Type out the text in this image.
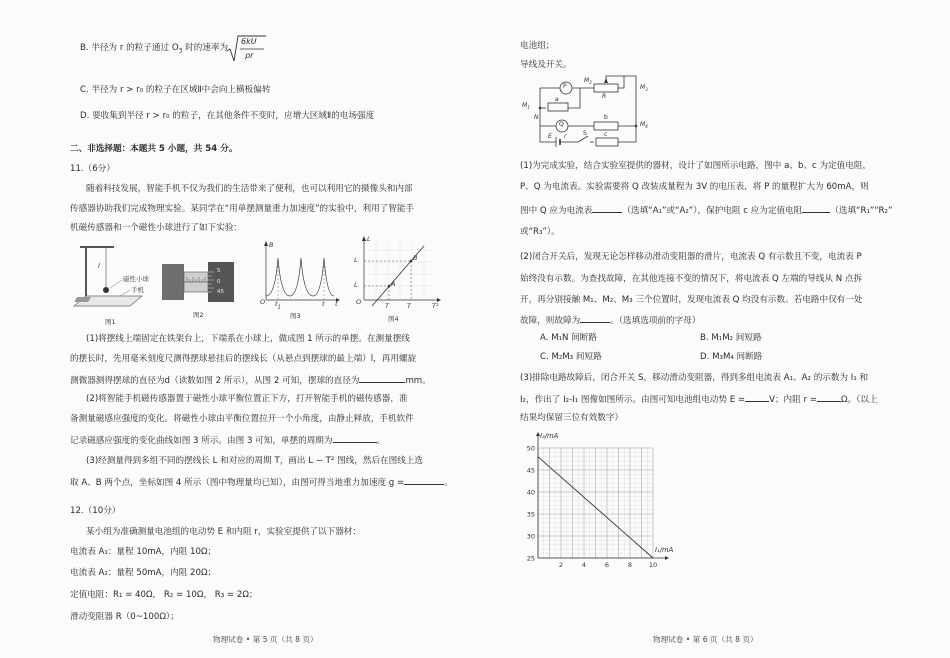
B. 半径为 r 的粒子通过 $O_3$ 时的速率为
6kU
ρr
C. 半径为 r > r₀ 的粒子在区域Ⅱ中会向上横板偏转
D. 要收集到半径 r > r₀ 的粒子，在其他条件不变时，应增大区域Ⅱ的电场强度
二、非选择题：本题共 5 小题，共 54 分。
11.（6分）
随着科技发展，智能手机不仅为我们的生活带来了便利，也可以利用它的摄像头和内部
传感器协助我们完成物理实验。某同学在“用单摆测量重力加速度”的实验中，利用了智能手
机磁传感器和一个磁性小球进行了如下实验：
l
磁性小球
手机
图1
5
0
45
图2
B
O $t_1$	t t
图3
L
O	T²
L
L	A
B
T	T
图4
(1)将摆线上端固定在铁架台上，下端系在小球上，做成图 1 所示的单摆。在测量摆线
的摆长时，先用毫米刻度尺测得摆球悬挂后的摆线长（从悬点到摆球的最上端）l，再用螺旋
测微器测得摆球的直径为d（读数如图 2 所示），从图 2 可知，摆球的直径为	mm。
(2)将智能手机磁传感器置于磁性小球平衡位置正下方，打开智能手机的磁传感器，准
备测量磁感应强度的变化。将磁性小球由平衡位置拉开一个小角度，由静止释放，手机软件
记录磁感应强度的变化曲线如图 3 所示。由图 3 可知，单摆的周期为	。
(3)经测量得到多组不同的摆线长 L 和对应的周期 T，画出 L − T² 图线，然后在图线上选
取 A、B 两个点，坐标如图 4 所示（图中物理量均已知），由图可得当地重力加速度 g =	。
12.（10分）
某小组为准确测量电池组的电动势 E 和内阻 r，实验室提供了以下器材：
电流表 A₁：量程 10mA，内阻 10Ω；
电流表 A₂：量程 50mA，内阻 20Ω；
定值电阻：R₁ = 40Ω， R₂ = 10Ω， R₃ = 2Ω；
滑动变阻器 R（0~100Ω）；
物理试卷 • 第 5 页（共 8 页）
电池组；
导线及开关。
P
Q
a
b
c
R
N
$M_1$
$M_2$
$M_3$
$M_4$
E r	S
(1)为完成实验，结合实验室提供的器材，设计了如图所示电路，图中 a、b、c 为定值电阻，
P、Q 为电流表。实验需要将 Q 改装成量程为 3V 的电压表，将 P 的量程扩大为 60mA，则
图中 Q 应为电流表	（选填“A₁”或“A₂”），保护电阻 c 应为定值电阻	（选填“R₁”“R₂”
或“R₃”）。
(2)闭合开关后，发现无论怎样移动滑动变阻器的滑片，电流表 Q 有示数且不变，电流表 P
始终没有示数。为查找故障，在其他连接不变的情况下，将电流表 Q 左端的导线从 N 点拆
开，再分别接触 M₁、M₂、M₃ 三个位置时，发现电流表 Q 均没有示数。若电路中仅有一处
故障，则故障为	。（选填选项前的字母）
A. M₁N 间断路	B. M₁M₂ 间短路
C. M₂M₃ 间短路	D. M₃M₄ 间断路
(3)排除电路故障后，闭合开关 S，移动滑动变阻器，得到多组电流表 A₁、A₂ 的示数为 I₁ 和
I₂，作出了 I₂-I₁ 图像如图所示。由图可知电池组电动势 E =	V；内阻 r =	Ω。（以上
结果均保留三位有效数字）
2	4	6	8	10
25
30
35
40
45
50
I₂/mA
I₁/mA
物理试卷 • 第 6 页（共 8 页）
